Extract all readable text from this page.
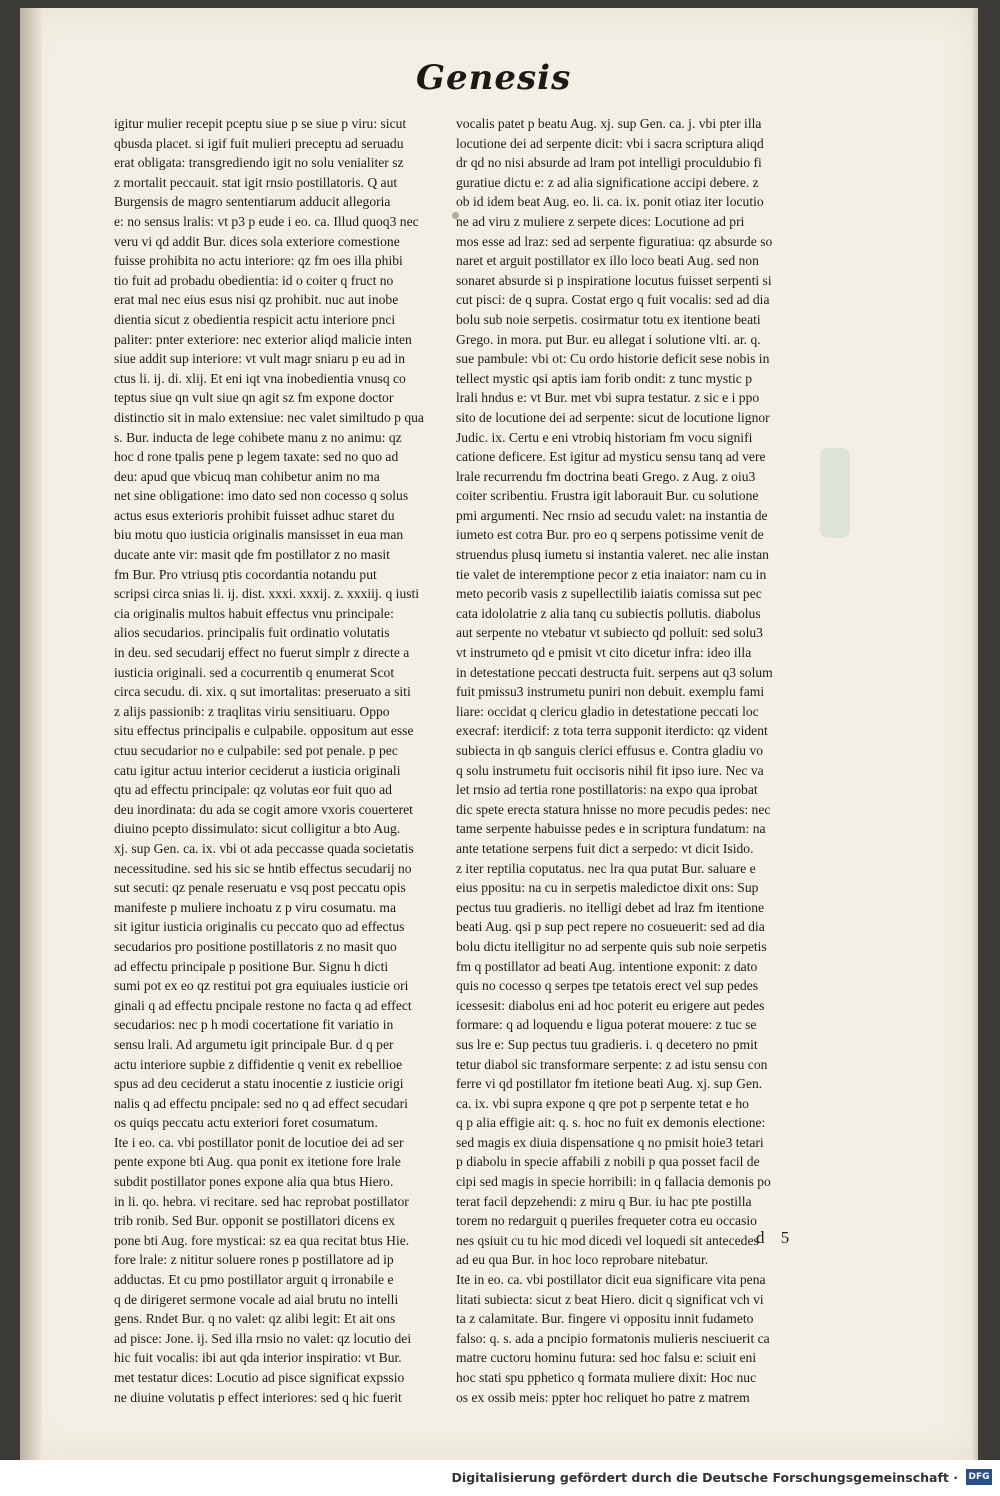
Genesis
igitur mulier recepit pceptu siue p se siue p viru: sicut
qbusda placet. si igif fuit mulieri preceptu ad seruadu
erat obligata: transgrediendo igit no solu venialiter sz
z mortalit peccauit. stat igit rnsio postillatoris. Q aut
Burgensis de magro sententiarum adducit allegoria
e: no sensus lralis: vt p3 p eude i eo. ca. Illud quoq3 nec
veru vi qd addit Bur. dices sola exteriore comestione
fuisse prohibita no actu interiore: qz fm oes illa phibi
tio fuit ad probadu obedientia: id o coiter q fruct no
erat mal nec eius esus nisi qz prohibit. nuc aut inobe
dientia sicut z obedientia respicit actu interiore pnci
paliter: pnter exteriore: nec exterior aliqd malicie inten
siue addit sup interiore: vt vult magr sniaru p eu ad in
ctus li. ij. di. xlij. Et eni iqt vna inobedientia vnusq co
teptus siue qn vult siue qn agit sz fm expone doctor
distinctio sit in malo extensiue: nec valet similtudo p qua
s. Bur. inducta de lege cohibete manu z no animu: qz
hoc d rone tpalis pene p legem taxate: sed no quo ad
deu: apud que vbicuq man cohibetur anim no ma
net sine obligatione: imo dato sed non cocesso q solus
actus esus exterioris prohibit fuisset adhuc staret du
biu motu quo iusticia originalis mansisset in eua man
ducate ante vir: masit qde fm postillator z no masit
fm Bur. Pro vtriusq ptis cocordantia notandu put
scripsi circa snias li. ij. dist. xxxi. xxxij. z. xxxiij. q iusti
cia originalis multos habuit effectus vnu principale:
alios secudarios. principalis fuit ordinatio volutatis
in deu. sed secudarij effect no fuerut simplr z directe a
iusticia originali. sed a cocurrentib q enumerat Scot
circa secudu. di. xix. q sut imortalitas: preseruato a siti
z alijs passionib: z traqlitas viriu sensitiuaru. Oppo
situ effectus principalis e culpabile. oppositum aut esse
ctuu secudarior no e culpabile: sed pot penale. p pec
catu igitur actuu interior ceciderut a iusticia originali
qtu ad effectu principale: qz volutas eor fuit quo ad
deu inordinata: du ada se cogit amore vxoris couerteret
diuino pcepto dissimulato: sicut colligitur a bto Aug.
xj. sup Gen. ca. ix. vbi ot ada peccasse quada societatis
necessitudine. sed his sic se hntib effectus secudarij no
sut secuti: qz penale reseruatu e vsq post peccatu opis
manifeste p muliere inchoatu z p viru cosumatu. ma
sit igitur iusticia originalis cu peccato quo ad effectus
secudarios pro positione postillatoris z no masit quo
ad effectu principale p positione Bur. Signu h dicti
sumi pot ex eo qz restitui pot gra equiuales iusticie ori
ginali q ad effectu pncipale restone no facta q ad effect
secudarios: nec p h modi cocertatione fit variatio in
sensu lrali. Ad argumetu igit principale Bur. d q per
actu interiore supbie z diffidentie q venit ex rebellioe
spus ad deu ceciderut a statu inocentie z iusticie origi
nalis q ad effectu pncipale: sed no q ad effect secudari
os quiqs peccatu actu exteriori foret cosumatum.
Ite i eo. ca. vbi postillator ponit de locutioe dei ad ser
pente expone bti Aug. qua ponit ex itetione fore lrale
subdit postillator pones expone alia qua btus Hiero.
in li. qo. hebra. vi recitare. sed hac reprobat postillator
trib ronib. Sed Bur. opponit se postillatori dicens ex
pone bti Aug. fore mysticai: sz ea qua recitat btus Hie.
fore lrale: z nititur soluere rones p postillatore ad ip
adductas. Et cu pmo postillator arguit q irronabile e
q de dirigeret sermone vocale ad aial brutu no intelli
gens. Rndet Bur. q no valet: qz alibi legit: Et ait ons
ad pisce: Jone. ij. Sed illa rnsio no valet: qz locutio dei
hic fuit vocalis: ibi aut qda interior inspiratio: vt Bur.
met testatur dices: Locutio ad pisce significat expssio
ne diuine volutatis p effect interiores: sed q hic fuerit
vocalis patet p beatu Aug. xj. sup Gen. ca. j. vbi pter illa
locutione dei ad serpente dicit: vbi i sacra scriptura aliqd
dr qd no nisi absurde ad lram pot intelligi proculdubio fi
guratiue dictu e: z ad alia significatione accipi debere. z
ob id idem beat Aug. eo. li. ca. ix. ponit otiaz iter locutio
ne ad viru z muliere z serpete dices: Locutione ad pri
mos esse ad lraz: sed ad serpente figuratiua: qz absurde so
naret et arguit postillator ex illo loco beati Aug. sed non
sonaret absurde si p inspiratione locutus fuisset serpenti si
cut pisci: de q supra. Costat ergo q fuit vocalis: sed ad dia
bolu sub noie serpetis. cosirmatur totu ex itentione beati
Grego. in mora. put Bur. eu allegat i solutione vlti. ar. q.
sue pambule: vbi ot: Cu ordo historie deficit sese nobis in
tellect mystic qsi aptis iam forib ondit: z tunc mystic p
lrali hndus e: vt Bur. met vbi supra testatur. z sic e i ppo
sito de locutione dei ad serpente: sicut de locutione lignor
Judic. ix. Certu e eni vtrobiq historiam fm vocu signifi
catione deficere. Est igitur ad mysticu sensu tanq ad vere
lrale recurrendu fm doctrina beati Grego. z Aug. z oiu3
coiter scribentiu. Frustra igit laborauit Bur. cu solutione
pmi argumenti. Nec rnsio ad secudu valet: na instantia de
iumeto est cotra Bur. pro eo q serpens potissime venit de
struendus plusq iumetu si instantia valeret. nec alie instan
tie valet de interemptione pecor z etia inaiator: nam cu in
meto pecorib vasis z supellectilib iaiatis comissa sut pec
cata idololatrie z alia tanq cu subiectis pollutis. diabolus
aut serpente no vtebatur vt subiecto qd polluit: sed solu3
vt instrumeto qd e pmisit vt cito dicetur infra: ideo illa
in detestatione peccati destructa fuit. serpens aut q3 solum
fuit pmissu3 instrumetu puniri non debuit. exemplu fami
liare: occidat q clericu gladio in detestatione peccati loc
execraf: iterdicif: z tota terra supponit iterdicto: qz vident
subiecta in qb sanguis clerici effusus e. Contra gladiu vo
q solu instrumetu fuit occisoris nihil fit ipso iure. Nec va
let rnsio ad tertia rone postillatoris: na expo qua iprobat
dic spete erecta statura hnisse no more pecudis pedes: nec
tame serpente habuisse pedes e in scriptura fundatum: na
ante tetatione serpens fuit dict a serpedo: vt dicit Isido.
z iter reptilia coputatus. nec lra qua putat Bur. saluare e
eius ppositu: na cu in serpetis maledictoe dixit ons: Sup
pectus tuu gradieris. no itelligi debet ad lraz fm itentione
beati Aug. qsi p sup pect repere no cosueuerit: sed ad dia
bolu dictu itelligitur no ad serpente quis sub noie serpetis
fm q postillator ad beati Aug. intentione exponit: z dato
quis no cocesso q serpes tpe tetatois erect vel sup pedes
icessesit: diabolus eni ad hoc poterit eu erigere aut pedes
formare: q ad loquendu e ligua poterat mouere: z tuc se
sus lre e: Sup pectus tuu gradieris. i. q decetero no pmit
tetur diabol sic transformare serpente: z ad istu sensu con
ferre vi qd postillator fm itetione beati Aug. xj. sup Gen.
ca. ix. vbi supra expone q qre pot p serpente tetat e ho
q p alia effigie ait: q. s. hoc no fuit ex demonis electione:
sed magis ex diuia dispensatione q no pmisit hoie3 tetari
p diabolu in specie affabili z nobili p qua posset facil de
cipi sed magis in specie horribili: in q fallacia demonis po
terat facil depzehendi: z miru q Bur. iu hac pte postilla
torem no redarguit q pueriles frequeter cotra eu occasio
nes qsiuit cu tu hic mod dicedi vel loquedi sit antecedes
ad eu qua Bur. in hoc loco reprobare nitebatur.
Ite in eo. ca. vbi postillator dicit eua significare vita pena
litati subiecta: sicut z beat Hiero. dicit q significat vch vi
ta z calamitate. Bur. fingere vi oppositu innit fudameto
falso: q. s. ada a pncipio formatonis mulieris nesciuerit ca
matre cuctoru hominu futura: sed hoc falsu e: sciuit eni
hoc stati spu pphetico q formata muliere dixit: Hoc nuc
os ex ossib meis: ppter hoc reliquet ho patre z matrem
d 5
Digitalisierung gefördert durch die Deutsche Forschungsgemeinschaft · DFG
